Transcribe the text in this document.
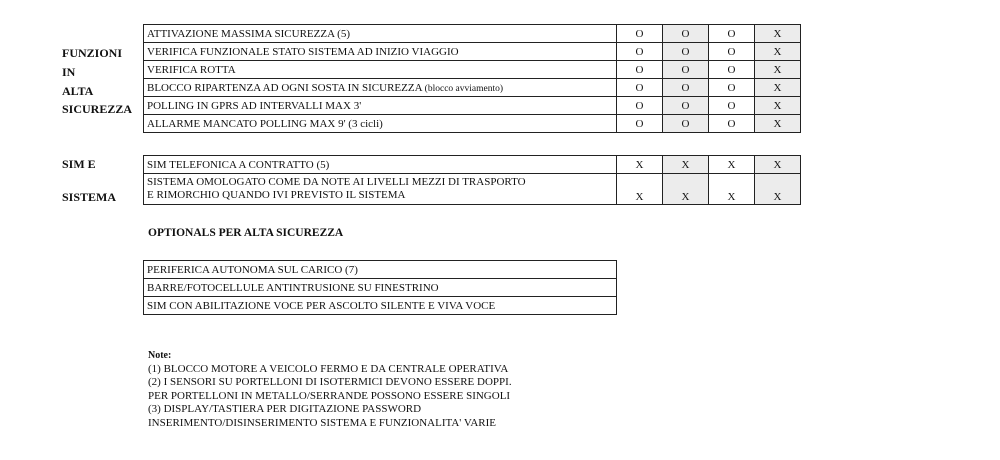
FUNZIONI
IN
ALTA
SICUREZZA
SIM E
SISTEMA
ATTIVAZIONE MASSIMA SICUREZZA (5)	O	O	O	X
VERIFICA FUNZIONALE STATO SISTEMA AD INIZIO VIAGGIO	O	O	O	X
VERIFICA ROTTA	O	O	O	X
BLOCCO RIPARTENZA AD OGNI SOSTA IN SICUREZZA (blocco avviamento)	O	O	O	X
POLLING IN GPRS AD INTERVALLI MAX 3'	O	O	O	X
ALLARME MANCATO POLLING MAX 9' (3 cicli)	O	O	O	X
SIM TELEFONICA A CONTRATTO (5)	X	X	X	X
SISTEMA OMOLOGATO COME DA NOTE AI LIVELLI MEZZI DI TRASPORTO
E RIMORCHIO QUANDO IVI PREVISTO IL SISTEMA	X	X	X	X
OPTIONALS PER ALTA SICUREZZA
PERIFERICA AUTONOMA SUL CARICO (7)
BARRE/FOTOCELLULE ANTINTRUSIONE SU FINESTRINO
SIM CON ABILITAZIONE VOCE PER ASCOLTO SILENTE E VIVA VOCE
Note:
(1) BLOCCO MOTORE A VEICOLO FERMO E DA CENTRALE OPERATIVA
(2) I SENSORI SU PORTELLONI DI ISOTERMICI DEVONO ESSERE DOPPI.
PER PORTELLONI IN METALLO/SERRANDE POSSONO ESSERE SINGOLI
(3) DISPLAY/TASTIERA PER DIGITAZIONE PASSWORD
INSERIMENTO/DISINSERIMENTO SISTEMA E FUNZIONALITA' VARIE
